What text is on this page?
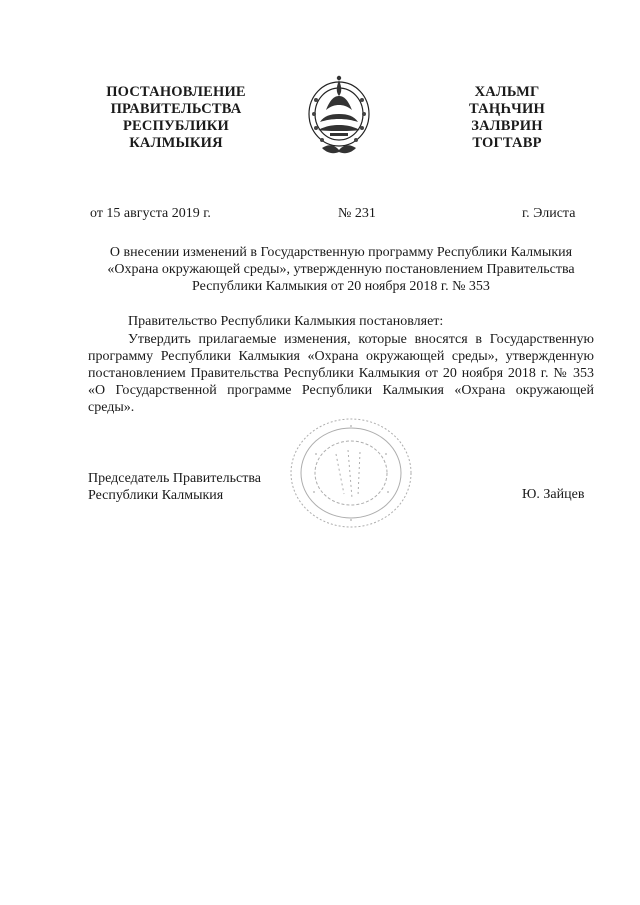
ПОСТАНОВЛЕНИЕ
ПРАВИТЕЛЬСТВА
РЕСПУБЛИКИ
КАЛМЫКИЯ
ХАЛЬМГ
ТАҢҺЧИН
ЗАЛВРИН
ТОГТАВР
от 15 августа 2019 г.	№ 231	г. Элиста
О внесении изменений в Государственную программу Республики Калмыкия
«Охрана окружающей среды», утвержденную постановлением Правительства
Республики Калмыкия от 20 ноября 2018 г. № 353
Правительство Республики Калмыкия постановляет:
Утвердить прилагаемые изменения, которые вносятся в Государственную программу Республики Калмыкия «Охрана окружающей среды», утвержденную постановлением Правительства Республики Калмыкия от 20 ноября 2018 г. № 353 «О Государственной программе Республики Калмыкия «Охрана окружающей среды».
Председатель Правительства
Республики Калмыкия	Ю. Зайцев
